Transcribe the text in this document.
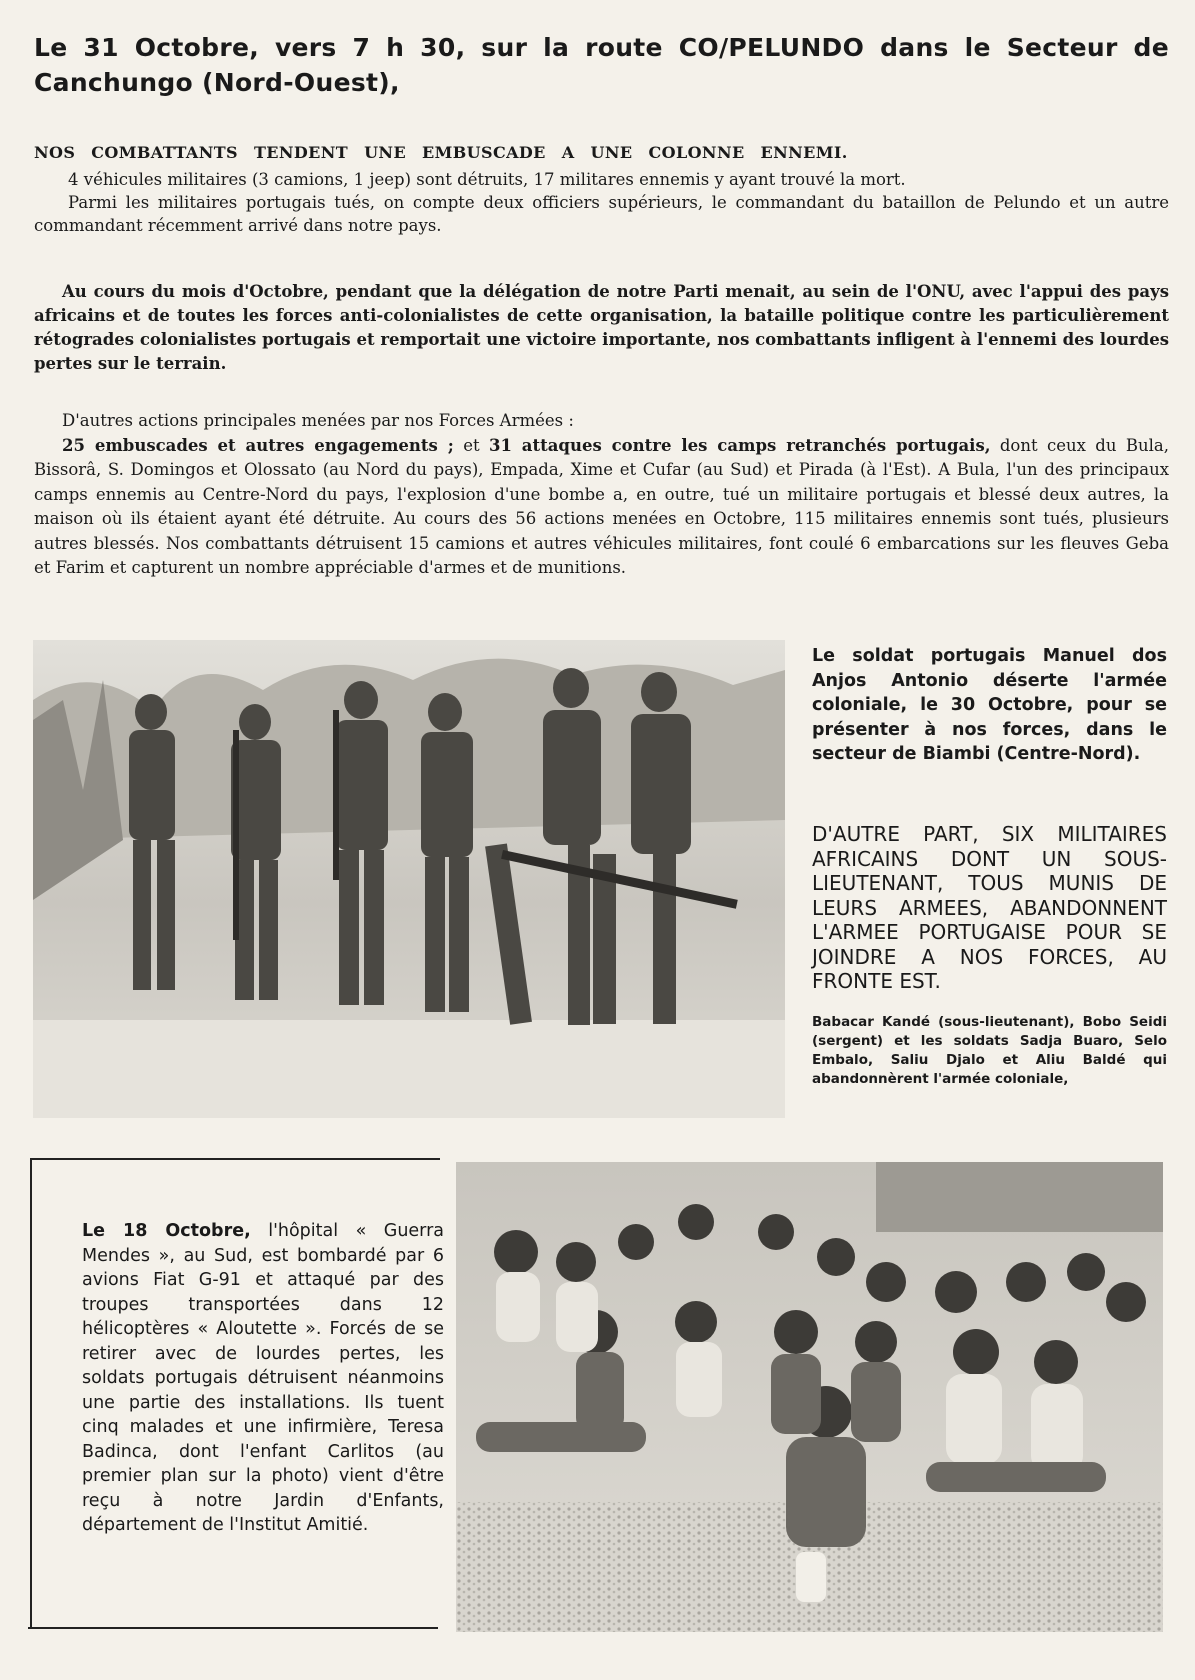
Le 31 Octobre, vers 7 h 30, sur la route CO/PELUNDO dans le Secteur de Canchungo (Nord-Ouest),
NOS COMBATTANTS TENDENT UNE EMBUSCADE A UNE COLONNE ENNEMI.
4 véhicules militaires (3 camions, 1 jeep) sont détruits, 17 militares ennemis y ayant trouvé la mort.
Parmi les militaires portugais tués, on compte deux officiers supérieurs, le commandant du bataillon de Pelundo et un autre commandant récemment arrivé dans notre pays.
Au cours du mois d'Octobre, pendant que la délégation de notre Parti menait, au sein de l'ONU, avec l'appui des pays africains et de toutes les forces anti-colonialistes de cette organisation, la bataille politique contre les particulièrement rétogrades colonialistes portugais et remportait une victoire importante, nos combattants infligent à l'ennemi des lourdes pertes sur le terrain.
D'autres actions principales menées par nos Forces Armées :
25 embuscades et autres engagements ; et 31 attaques contre les camps retranchés portugais, dont ceux du Bula, Bissorâ, S. Domingos et Olossato (au Nord du pays), Empada, Xime et Cufar (au Sud) et Pirada (à l'Est). A Bula, l'un des principaux camps ennemis au Centre-Nord du pays, l'explosion d'une bombe a, en outre, tué un militaire portugais et blessé deux autres, la maison où ils étaient ayant été détruite. Au cours des 56 actions menées en Octobre, 115 militaires ennemis sont tués, plusieurs autres blessés. Nos combattants détruisent 15 camions et autres véhicules militaires, font coulé 6 embarcations sur les fleuves Geba et Farim et capturent un nombre appréciable d'armes et de munitions.
Le soldat portugais Manuel dos Anjos Antonio déserte l'armée coloniale, le 30 Octobre, pour se présenter à nos forces, dans le secteur de Biambi (Centre-Nord).
D'AUTRE PART, SIX MILITAIRES AFRICAINS DONT UN SOUS-LIEUTENANT, TOUS MUNIS DE LEURS ARMEES, ABANDONNENT L'ARMEE PORTUGAISE POUR SE JOINDRE A NOS FORCES, AU FRONTE EST.
Babacar Kandé (sous-lieutenant), Bobo Seidi (sergent) et les soldats Sadja Buaro, Selo Embalo, Saliu Djalo et Aliu Baldé qui abandonnèrent l'armée coloniale,
Le 18 Octobre, l'hôpital « Guerra Mendes », au Sud, est bombardé par 6 avions Fiat G-91 et attaqué par des troupes transportées dans 12 hélicoptères « Aloutette ». Forcés de se retirer avec de lourdes pertes, les soldats portugais détruisent néanmoins une partie des installations. Ils tuent cinq malades et une infirmière, Teresa Badinca, dont l'enfant Carlitos (au premier plan sur la photo) vient d'être reçu à notre Jardin d'Enfants, département de l'Institut Amitié.
